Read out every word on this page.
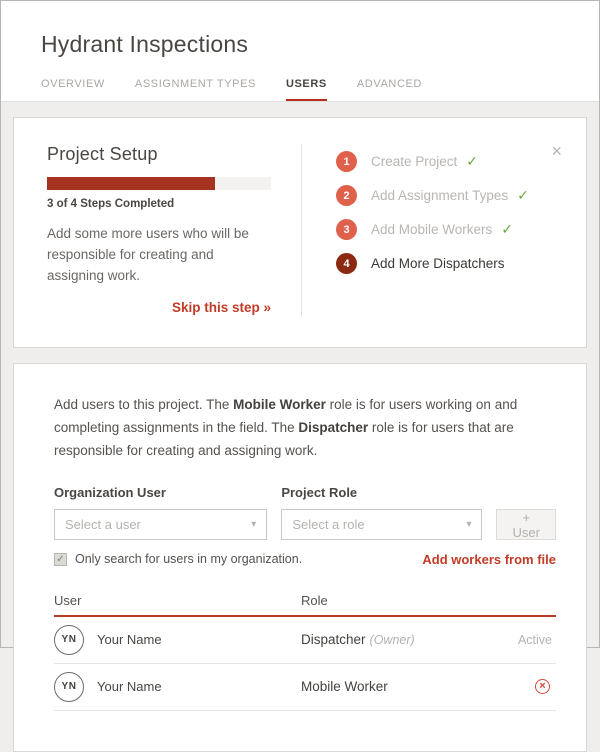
Hydrant Inspections
OVERVIEW	ASSIGNMENT TYPES	USERS	ADVANCED
Project Setup
3 of 4 Steps Completed

Add some more users who will be responsible for creating and assigning work.

Skip this step »
1	Create Project ✓
2	Add Assignment Types ✓
3	Add Mobile Workers ✓
4	Add More Dispatchers
×

Add users to this project. The Mobile Worker role is for users working on and completing assignments in the field. The Dispatcher role is for users that are responsible for creating and assigning work.

Organization User
Select a user	▾
Project Role
Select a role	▾	+ User
✓ Only search for users in my organization.	Add workers from file
User	Role
YN	Your Name	Dispatcher (Owner)	Active
YN	Your Name	Mobile Worker	×
